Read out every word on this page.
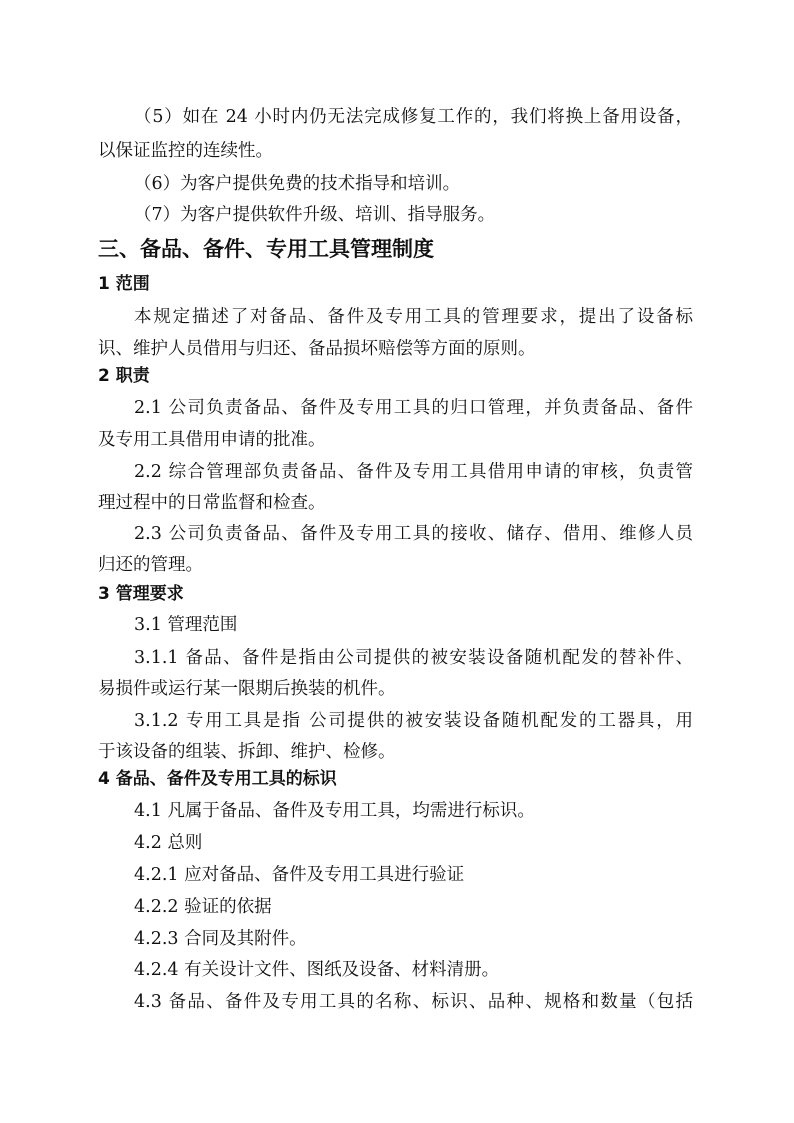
（5）如在 24 小时内仍无法完成修复工作的，我们将换上备用设备，
以保证监控的连续性。
（6）为客户提供免费的技术指导和培训。
（7）为客户提供软件升级、培训、指导服务。
三、备品、备件、专用工具管理制度
1 范围
本规定描述了对备品、备件及专用工具的管理要求，提出了设备标
识、维护人员借用与归还、备品损坏赔偿等方面的原则。
2 职责
2.1 公司负责备品、备件及专用工具的归口管理，并负责备品、备件
及专用工具借用申请的批准。
2.2 综合管理部负责备品、备件及专用工具借用申请的审核，负责管
理过程中的日常监督和检查。
2.3 公司负责备品、备件及专用工具的接收、储存、借用、维修人员
归还的管理。
3 管理要求
3.1 管理范围
3.1.1 备品、备件是指由公司提供的被安装设备随机配发的替补件、
易损件或运行某一限期后换装的机件。
3.1.2 专用工具是指 公司提供的被安装设备随机配发的工器具，用
于该设备的组装、拆卸、维护、检修。
4 备品、备件及专用工具的标识
4.1 凡属于备品、备件及专用工具，均需进行标识。
4.2 总则
4.2.1 应对备品、备件及专用工具进行验证
4.2.2 验证的依据
4.2.3 合同及其附件。
4.2.4 有关设计文件、图纸及设备、材料清册。
4.3 备品、备件及专用工具的名称、标识、品种、规格和数量（包括
